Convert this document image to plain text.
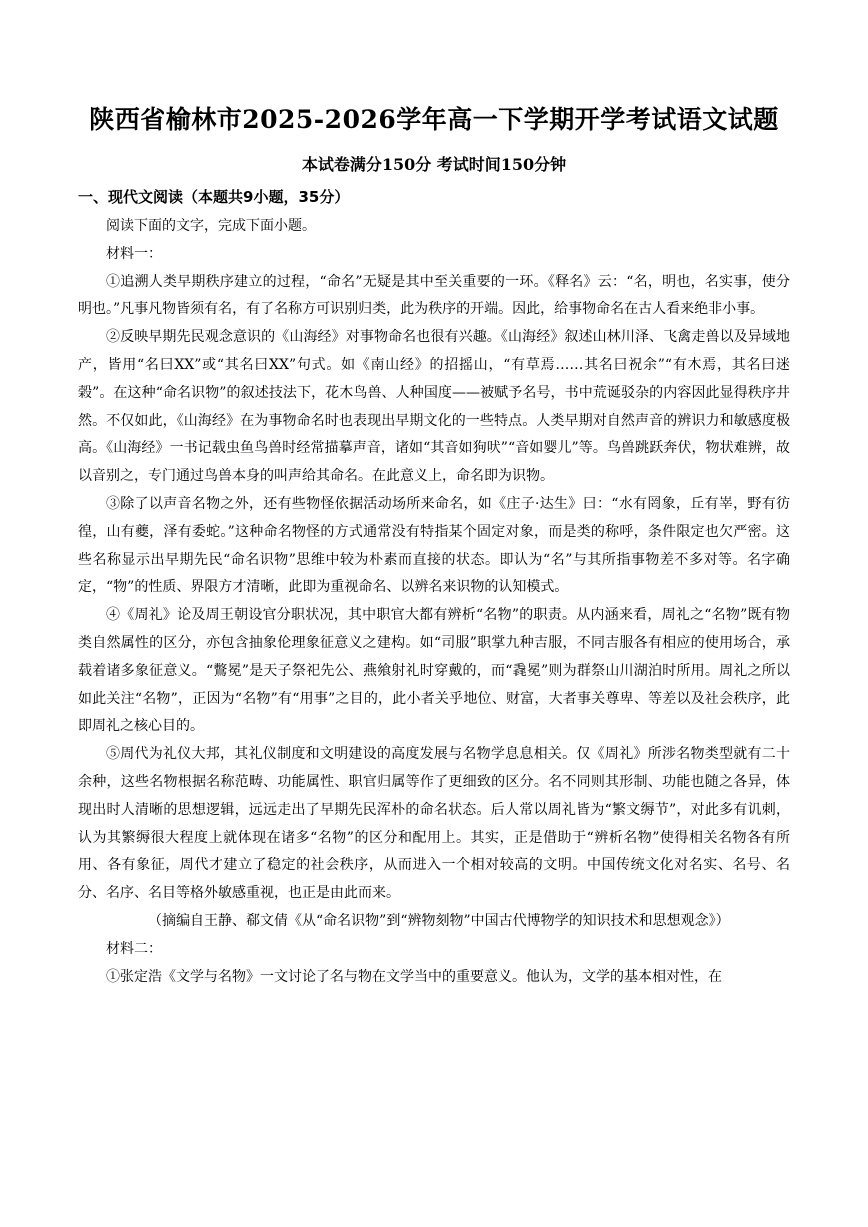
陕西省榆林市2025-2026学年高一下学期开学考试语文试题
本试卷满分150分 考试时间150分钟
一、现代文阅读（本题共9小题，35分）

阅读下面的文字，完成下面小题。

材料一：

①追溯人类早期秩序建立的过程，“命名”无疑是其中至关重要的一环。《释名》云：“名，明也，名实事，使分明也。”凡事凡物皆须有名，有了名称方可识别归类，此为秩序的开端。因此，给事物命名在古人看来绝非小事。

②反映早期先民观念意识的《山海经》对事物命名也很有兴趣。《山海经》叙述山林川泽、飞禽走兽以及异域地产，皆用“名曰XX”或“其名曰XX”句式。如《南山经》的招摇山，“有草焉……其名曰祝余”“有木焉，其名曰迷榖”。在这种“命名识物”的叙述技法下，花木鸟兽、人种国度——被赋予名号，书中荒诞驳杂的内容因此显得秩序井然。不仅如此，《山海经》在为事物命名时也表现出早期文化的一些特点。人类早期对自然声音的辨识力和敏感度极高。《山海经》一书记载虫鱼鸟兽时经常描摹声音，诸如“其音如狗吠”“音如婴儿”等。鸟兽跳跃奔伏，物状难辨，故以音别之，专门通过鸟兽本身的叫声给其命名。在此意义上，命名即为识物。

③除了以声音名物之外，还有些物怪依据活动场所来命名，如《庄子·达生》曰：“水有罔象，丘有峷，野有彷徨，山有夔，泽有委蛇。”这种命名物怪的方式通常没有特指某个固定对象，而是类的称呼，条件限定也欠严密。这些名称显示出早期先民“命名识物”思维中较为朴素而直接的状态。即认为“名”与其所指事物差不多对等。名字确定，“物”的性质、界限方才清晰，此即为重视命名、以辨名来识物的认知模式。

④《周礼》论及周王朝设官分职状况，其中职官大都有辨析“名物”的职责。从内涵来看，周礼之“名物”既有物类自然属性的区分，亦包含抽象伦理象征意义之建构。如“司服”职掌九种吉服，不同吉服各有相应的使用场合，承载着诸多象征意义。“鷩冕”是天子祭祀先公、燕飨射礼时穿戴的，而“毳冕”则为群祭山川湖泊时所用。周礼之所以如此关注“名物”，正因为“名物”有“用事”之目的，此小者关乎地位、财富，大者事关尊卑、等差以及社会秩序，此即周礼之核心目的。

⑤周代为礼仪大邦，其礼仪制度和文明建设的高度发展与名物学息息相关。仅《周礼》所涉名物类型就有二十余种，这些名物根据名称范畴、功能属性、职官归属等作了更细致的区分。名不同则其形制、功能也随之各异，体现出时人清晰的思想逻辑，远远走出了早期先民浑朴的命名状态。后人常以周礼皆为“繁文缛节”，对此多有讥刺，认为其繁缛很大程度上就体现在诸多“名物”的区分和配用上。其实，正是借助于“辨析名物”使得相关名物各有所用、各有象征，周代才建立了稳定的社会秩序，从而进入一个相对较高的文明。中国传统文化对名实、名号、名分、名序、名目等格外敏感重视，也正是由此而来。

（摘编自王静、郗文倩《从“命名识物”到“辨物刻物”中国古代博物学的知识技术和思想观念》）

材料二：

①张定浩《文学与名物》一文讨论了名与物在文学当中的重要意义。他认为，文学的基本相对性，在
